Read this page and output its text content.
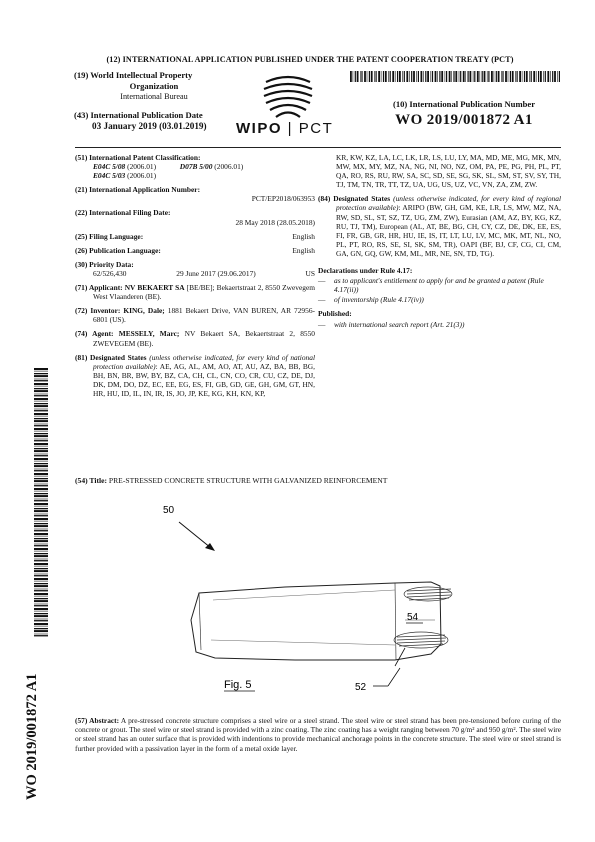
(12) INTERNATIONAL APPLICATION PUBLISHED UNDER THE PATENT COOPERATION TREATY (PCT)
(19) World Intellectual Property

Organization
International Bureau
(43) International Publication Date
03 January 2019 (03.01.2019) WIPO | PCT
(10) International Publication Number
WO 2019/001872 A1
(51) International Patent Classification:
E04C 5/08 (2006.01)	D07B 5/00 (2006.01)
E04C 5/03 (2006.01)
(21) International Application Number:
PCT/EP2018/063953
(22) International Filing Date:
28 May 2018 (28.05.2018)
(25) Filing Language:	English
(26) Publication Language:	English
(30) Priority Data:
62/526,430	29 June 2017 (29.06.2017)	US
(71) Applicant: NV BEKAERT SA [BE/BE]; Bekaertstraat 2, 8550 Zwevegem West Vlaanderen (BE).
(72) Inventor: KING, Dale; 1881 Bekaert Drive, VAN BUREN, AR 72956-6801 (US).
(74) Agent: MESSELY, Marc; NV Bekaert SA, Bekaertstraat 2, 8550 ZWEVEGEM (BE).
(81) Designated States (unless otherwise indicated, for every kind of national protection available): AE, AG, AL, AM, AO, AT, AU, AZ, BA, BB, BG, BH, BN, BR, BW, BY, BZ, CA, CH, CL, CN, CO, CR, CU, CZ, DE, DJ, DK, DM, DO, DZ, EC, EE, EG, ES, FI, GB, GD, GE, GH, GM, GT, HN, HR, HU, ID, IL, IN, IR, IS, JO, JP, KE, KG, KH, KN, KP,
KR, KW, KZ, LA, LC, LK, LR, LS, LU, LY, MA, MD, ME, MG, MK, MN, MW, MX, MY, MZ, NA, NG, NI, NO, NZ, OM, PA, PE, PG, PH, PL, PT, QA, RO, RS, RU, RW, SA, SC, SD, SE, SG, SK, SL, SM, ST, SV, SY, TH, TJ, TM, TN, TR, TT, TZ, UA, UG, US, UZ, VC, VN, ZA, ZM, ZW.
(84) Designated States (unless otherwise indicated, for every kind of regional protection available): ARIPO (BW, GH, GM, KE, LR, LS, MW, MZ, NA, RW, SD, SL, ST, SZ, TZ, UG, ZM, ZW), Eurasian (AM, AZ, BY, KG, KZ, RU, TJ, TM), European (AL, AT, BE, BG, CH, CY, CZ, DE, DK, EE, ES, FI, FR, GB, GR, HR, HU, IE, IS, IT, LT, LU, LV, MC, MK, MT, NL, NO, PL, PT, RO, RS, SE, SI, SK, SM, TR), OAPI (BF, BJ, CF, CG, CI, CM, GA, GN, GQ, GW, KM, ML, MR, NE, SN, TD, TG).
Declarations under Rule 4.17:
—	as to applicant's entitlement to apply for and be granted a patent (Rule 4.17(ii))
—	of inventorship (Rule 4.17(iv))
Published:
—	with international search report (Art. 21(3))
WO 2019/001872 A1
(54) Title: PRE-STRESSED CONCRETE STRUCTURE WITH GALVANIZED REINFORCEMENT
50
54
52
Fig. 5
(57) Abstract: A pre-stressed concrete structure comprises a steel wire or a steel strand. The steel wire or steel strand has been pre-tensioned before curing of the concrete or grout. The steel wire or steel strand is provided with a zinc coating. The zinc coating has a weight ranging between 70 g/m² and 950 g/m². The steel wire or steel strand has an outer surface that is provided with indentions to provide mechanical anchorage points in the concrete structure. The steel wire or steel strand is further provided with a passivation layer in the form of a metal oxide layer.
